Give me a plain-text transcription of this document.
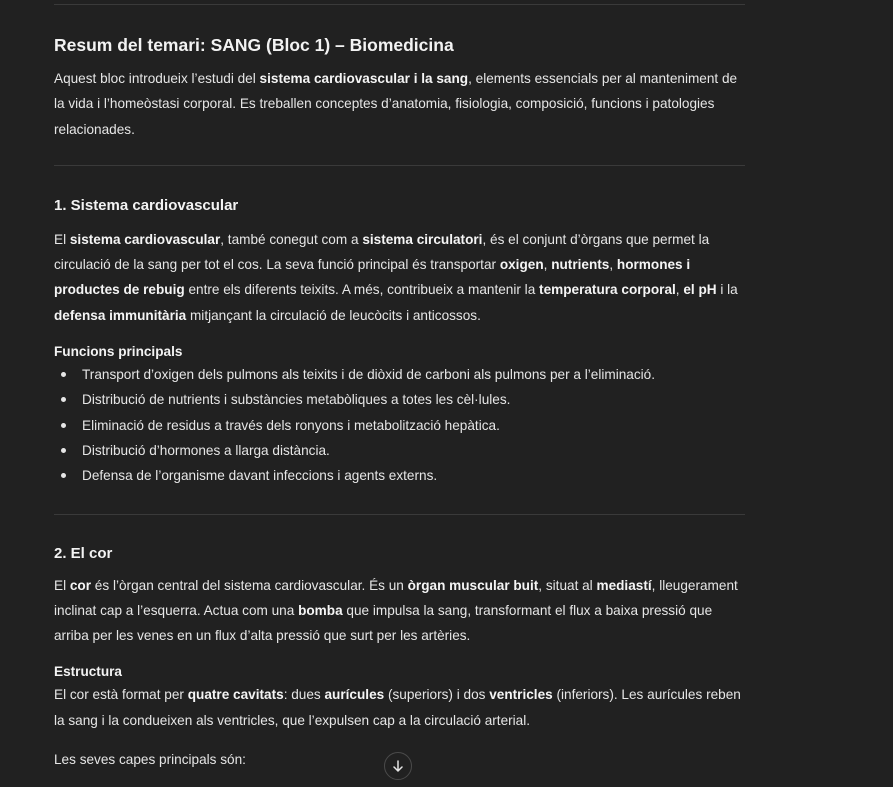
Resum del temari: SANG (Bloc 1) – Biomedicina

Aquest bloc introdueix l’estudi del sistema cardiovascular i la sang, elements essencials per al manteniment de la vida i l’homeòstasi corporal. Es treballen conceptes d’anatomia, fisiologia, composició, funcions i patologies relacionades.

1. Sistema cardiovascular

El sistema cardiovascular, també conegut com a sistema circulatori, és el conjunt d’òrgans que permet la circulació de la sang per tot el cos. La seva funció principal és transportar oxigen, nutrients, hormones i productes de rebuig entre els diferents teixits. A més, contribueix a mantenir la temperatura corporal, el pH i la defensa immunitària mitjançant la circulació de leucòcits i anticossos.

Funcions principals
Transport d’oxigen dels pulmons als teixits i de diòxid de carboni als pulmons per a l’eliminació.
Distribució de nutrients i substàncies metabòliques a totes les cèl·lules.
Eliminació de residus a través dels ronyons i metabolització hepàtica.
Distribució d’hormones a llarga distància.
Defensa de l’organisme davant infeccions i agents externs.
2. El cor

El cor és l’òrgan central del sistema cardiovascular. És un òrgan muscular buit, situat al mediastí, lleugerament inclinat cap a l’esquerra. Actua com una bomba que impulsa la sang, transformant el flux a baixa pressió que arriba per les venes en un flux d’alta pressió que surt per les artèries.

Estructura

El cor està format per quatre cavitats: dues aurícules (superiors) i dos ventricles (inferiors). Les aurícules reben la sang i la condueixen als ventricles, que l’expulsen cap a la circulació arterial.

Les seves capes principals són:
